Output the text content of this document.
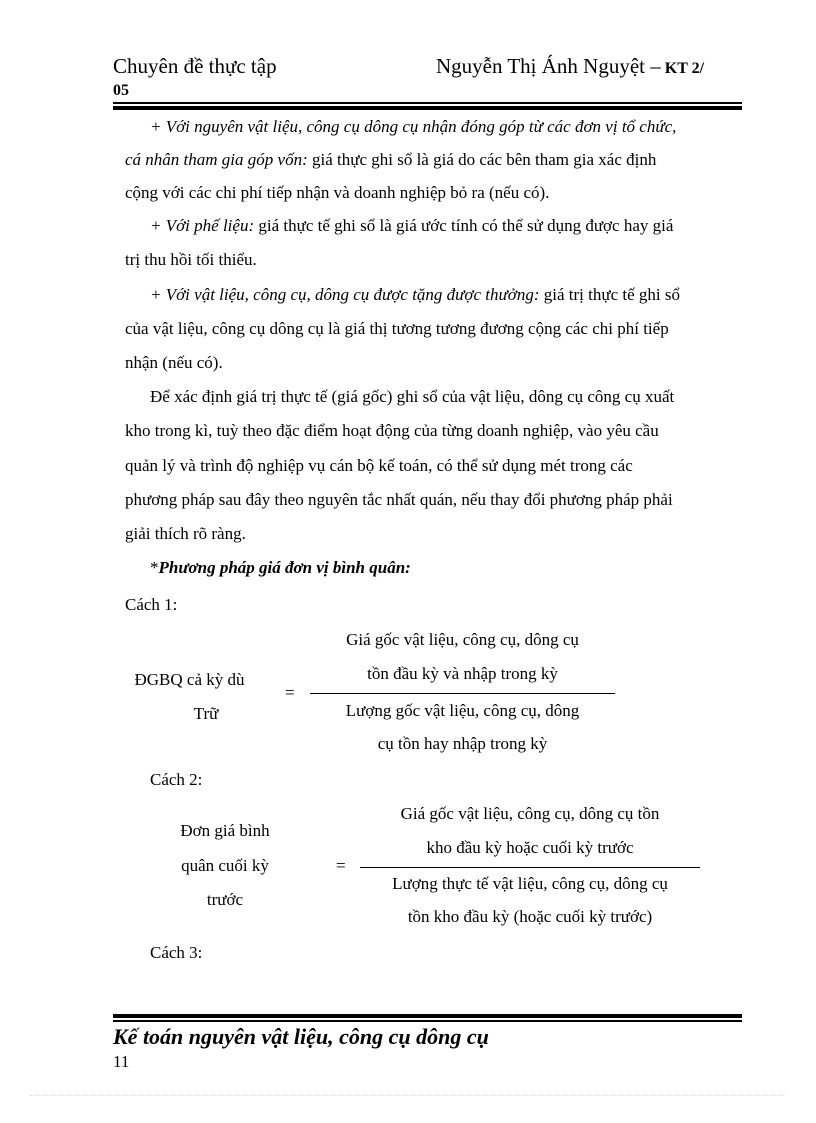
Chuyên đề thực tập	Nguyễn Thị Ánh Nguyệt – KT 2/
05
+ Với nguyên vật liệu, công cụ dông cụ nhận đóng góp từ các đơn vị tổ chức,
cá nhân tham gia góp vốn: giá thực ghi sổ là giá do các bên tham gia xác định
cộng với các chi phí tiếp nhận và doanh nghiệp bỏ ra (nếu có).
+ Với phế liệu: giá thực tế ghi sổ là giá ước tính có thể sử dụng được hay giá
trị thu hồi tối thiểu.
+ Với vật liệu, công cụ, dông cụ được tặng được thưởng: giá trị thực tế ghi sổ
của vật liệu, công cụ dông cụ là giá thị tương tương đương cộng các chi phí tiếp
nhận (nếu có).
Để xác định giá trị thực tế (giá gốc) ghi sổ của vật liệu, dông cụ công cụ xuất
kho trong kì, tuỳ theo đặc điểm hoạt động của từng doanh nghiệp, vào yêu cầu
quản lý và trình độ nghiệp vụ cán bộ kế toán, có thể sử dụng mét trong các
phương pháp sau đây theo nguyên tắc nhất quán, nếu thay đổi phương pháp phải
giải thích rõ ràng.
*Phương pháp giá đơn vị bình quân:
Cách 1:
ĐGBQ cả kỳ dù
Trữ
=
Giá gốc vật liệu, công cụ, dông cụ
tồn đầu kỳ và nhập trong kỳ
Lượng gốc vật liệu, công cụ, dông
cụ tồn hay nhập trong kỳ
Cách 2:
Đơn giá bình
quân cuối kỳ
trước
=
Giá gốc vật liệu, công cụ, dông cụ tồn
kho đầu kỳ hoặc cuối kỳ trước
Lượng thực tế vật liệu, công cụ, dông cụ
tồn kho đầu kỳ (hoặc cuối kỳ trước)
Cách 3:
Kế toán nguyên vật liệu, công cụ dông cụ
11
